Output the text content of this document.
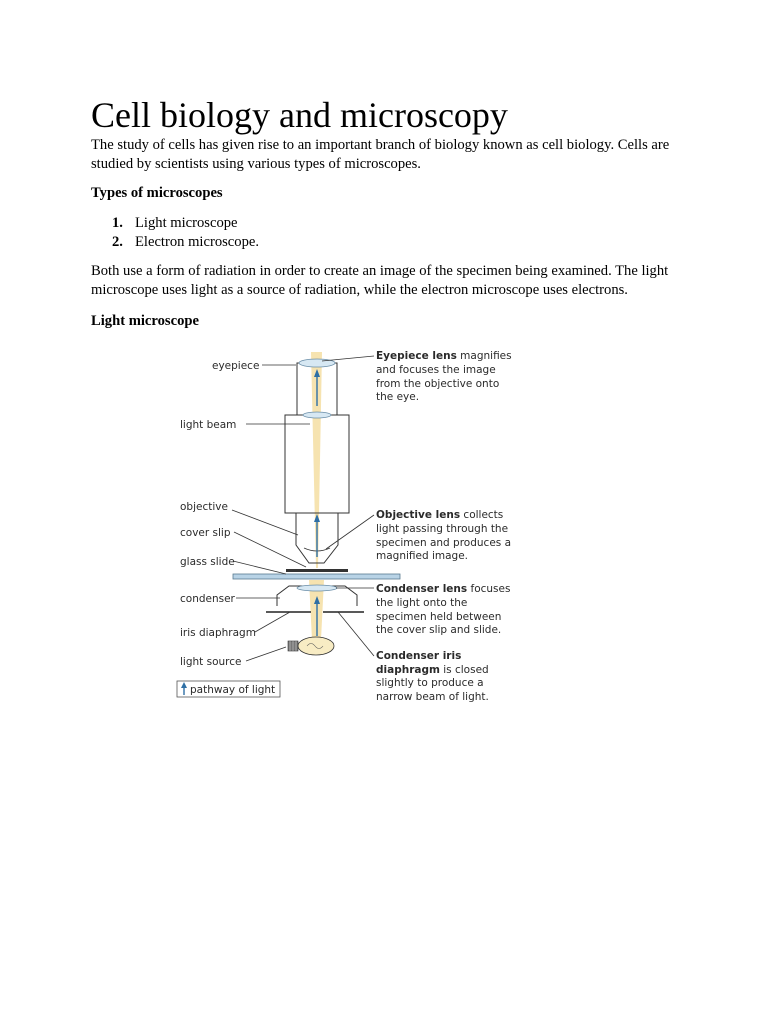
Cell biology and microscopy

The study of cells has given rise to an important branch of biology known as cell biology. Cells are studied by scientists using various types of microscopes.

Types of microscopes

1. Light microscope
2. Electron microscope.

Both use a form of radiation in order to create an image of the specimen being examined. The light microscope uses light as a source of radiation, while the electron microscope uses electrons.

Light microscope

eyepiece
light beam
objective
cover slip
glass slide
condenser
iris diaphragm
light source
pathway of light
Eyepiece lens magnifies
and focuses the image
from the objective onto
the eye.
Objective lens collects
light passing through the
specimen and produces a
magnified image.
Condenser lens focuses
the light onto the
specimen held between
the cover slip and slide.
Condenser iris
diaphragm is closed
slightly to produce a
narrow beam of light.
